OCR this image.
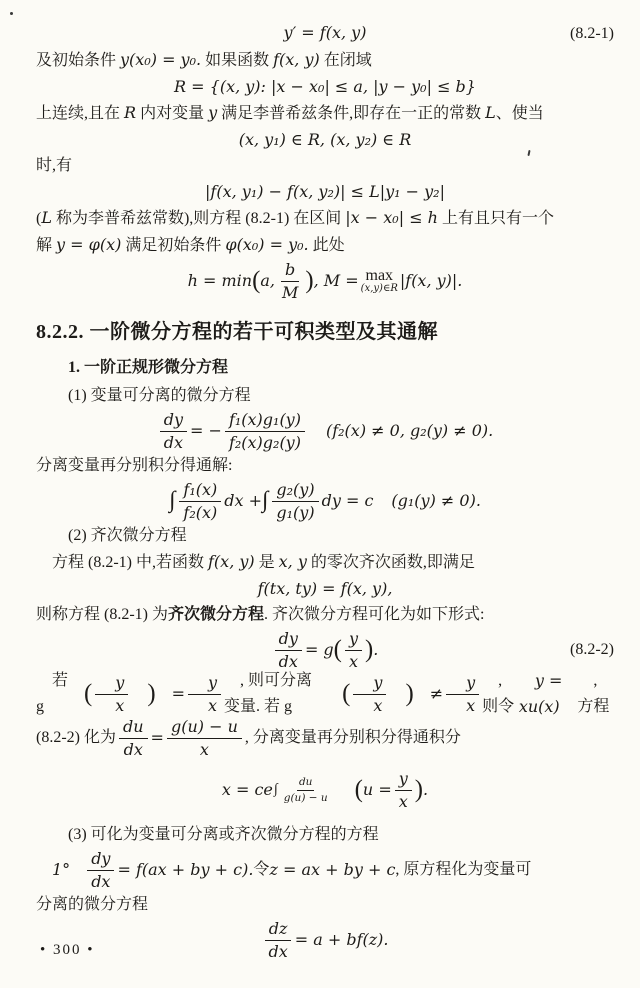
y′ = f(x, y)	(8.2-1)

及初始条件 y(x₀) = y₀. 如果函数 f(x, y) 在闭域

R = {(x, y): |x − x₀| ≤ a, |y − y₀| ≤ b}

上连续,且在 R 内对变量 y 满足李普希兹条件,即存在一正的常数 L、使当

(x, y₁) ∈ R, (x, y₂) ∈ R

时,有

|f(x, y₁) − f(x, y₂)| ≤ L|y₁ − y₂|

(L 称为李普希兹常数),则方程 (8.2-1) 在区间 |x − x₀| ≤ h 上有且只有一个

解 y = φ(x) 满足初始条件 φ(x₀) = y₀. 此处

h = min ( a, $\frac{b}{M}$ ) , M = max
(x,y)∈R |f(x, y)|.
8.2.2. 一阶微分方程的若干可积类型及其通解

1. 一阶正规形微分方程

(1) 变量可分离的微分方程

$\frac{dy}{dx}$ = − $\frac{\text{f₁(x)g₁(y)}}{\text{f₂(x)g₂(y)}} (f_2(x) \ne 0$, g₂(y) ≠ 0).

分离变量再分别积分得通解:

∫ $\frac{\text{f₁(x)}}{\text{f₂(x)}}$ dx + ∫ $\frac{\text{g₂(y)}}{\text{g₁(y)}}$ dy = c (g₁(y) ≠ 0).

(2) 齐次微分方程

方程 (8.2-1) 中,若函数 f(x, y) 是 x, y 的零次齐次函数,即满足

f(tx, ty) = f(x, y),

则称方程 (8.2-1) 为齐次微分方程. 齐次微分方程可化为如下形式:

$\frac{dy}{dx} = g$ ( $\frac{y}{x}$ ) .	(8.2-2)

若 g	( $\frac{y}{x}$ )	= $\frac{y}{x}$	, 则可分离变量. 若 g	( $\frac{y}{x}$ )	≠ $\frac{y}{x}$	, 则令
y = xu(x)
, 方程

(8.2-2) 化为 $\frac{du}{dx} = \frac{g(u) - u}{x}$ , 分离变量再分别积分得通积分

x = ce ∫ $\frac{du}{g(u) - u}$ ( $u = \frac{y}{x}$ ) .

(3) 可化为变量可分离或齐次微分方程的方程

$1^\circ \frac{dy}{dx} = f(ax$ + by + c). 令 z = ax + by + c , 原方程化为变量可

分离的微分方程

$\frac{dz}{dx} = a + bf(z)$.
• 300 •
